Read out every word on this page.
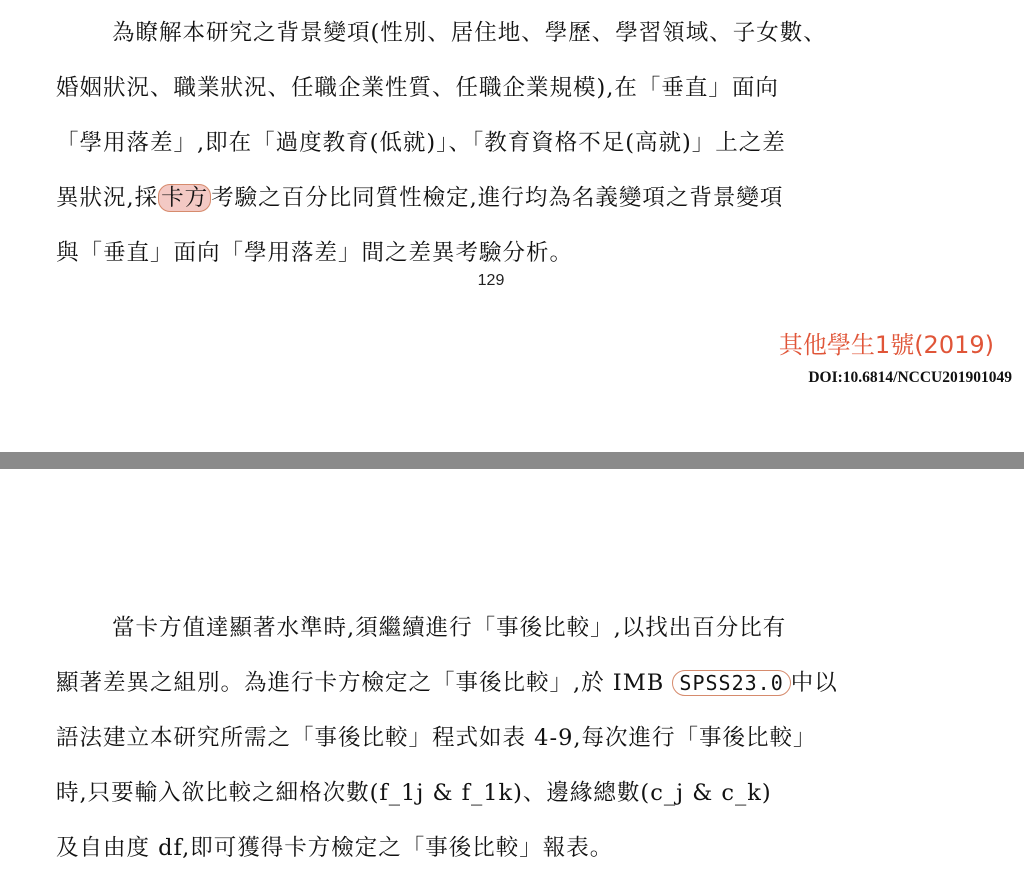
為瞭解本研究之背景變項(性別、居住地、學歷、學習領域、子女數、
婚姻狀況、職業狀況、任職企業性質、任職企業規模),在「垂直」面向
「學用落差」,即在「過度教育(低就)」、「教育資格不足(高就)」上之差
異狀況,採 卡方 考驗之百分比同質性檢定,進行均為名義變項之背景變項
與「垂直」面向「學用落差」間之差異考驗分析。
129
其他學生1號(2019)
DOI:10.6814/NCCU201901049
當卡方值達顯著水準時,須繼續進行「事後比較」,以找出百分比有
顯著差異之組別。為進行卡方檢定之「事後比較」,於 IMB SPSS23.0 中以
語法建立本研究所需之「事後比較」程式如表 4-9,每次進行「事後比較」
時,只要輸入欲比較之細格次數(f_1j & f_1k)、邊緣總數(c_j & c_k)
及自由度 df,即可獲得卡方檢定之「事後比較」報表。
